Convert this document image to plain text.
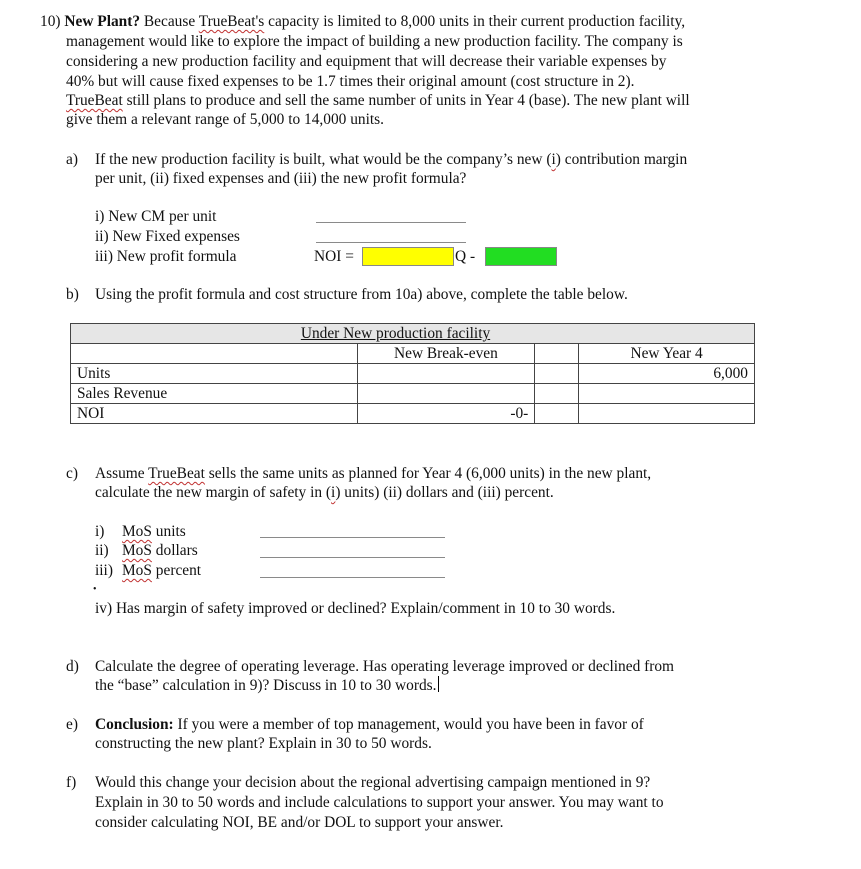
10) New Plant? Because TrueBeat's capacity is limited to 8,000 units in their current production facility,
management would like to explore the impact of building a new production facility. The company is
considering a new production facility and equipment that will decrease their variable expenses by
40% but will cause fixed expenses to be 1.7 times their original amount (cost structure in 2).
TrueBeat still plans to produce and sell the same number of units in Year 4 (base). The new plant will
give them a relevant range of 5,000 to 14,000 units.
a) If the new production facility is built, what would be the company’s new (i) contribution margin
per unit, (ii) fixed expenses and (iii) the new profit formula?
i) New CM per unit
ii) New Fixed expenses
iii) New profit formula	NOI =	Q -
b) Using the profit formula and cost structure from 10a) above, complete the table below.
Under New production facility			
	New Break-even		New Year 4
Units			6,000
Sales Revenue			
NOI	-0-		
c) Assume TrueBeat sells the same units as planned for Year 4 (6,000 units) in the new plant,
calculate the new margin of safety in (i) units) (ii) dollars and (iii) percent.
i) MoS units
ii) MoS dollars
iii) MoS percent
•
iv) Has margin of safety improved or declined? Explain/comment in 10 to 30 words.
d) Calculate the degree of operating leverage. Has operating leverage improved or declined from
the “base” calculation in 9)? Discuss in 10 to 30 words.
e) Conclusion: If you were a member of top management, would you have been in favor of
constructing the new plant? Explain in 30 to 50 words.
f) Would this change your decision about the regional advertising campaign mentioned in 9?
Explain in 30 to 50 words and include calculations to support your answer. You may want to
consider calculating NOI, BE and/or DOL to support your answer.
